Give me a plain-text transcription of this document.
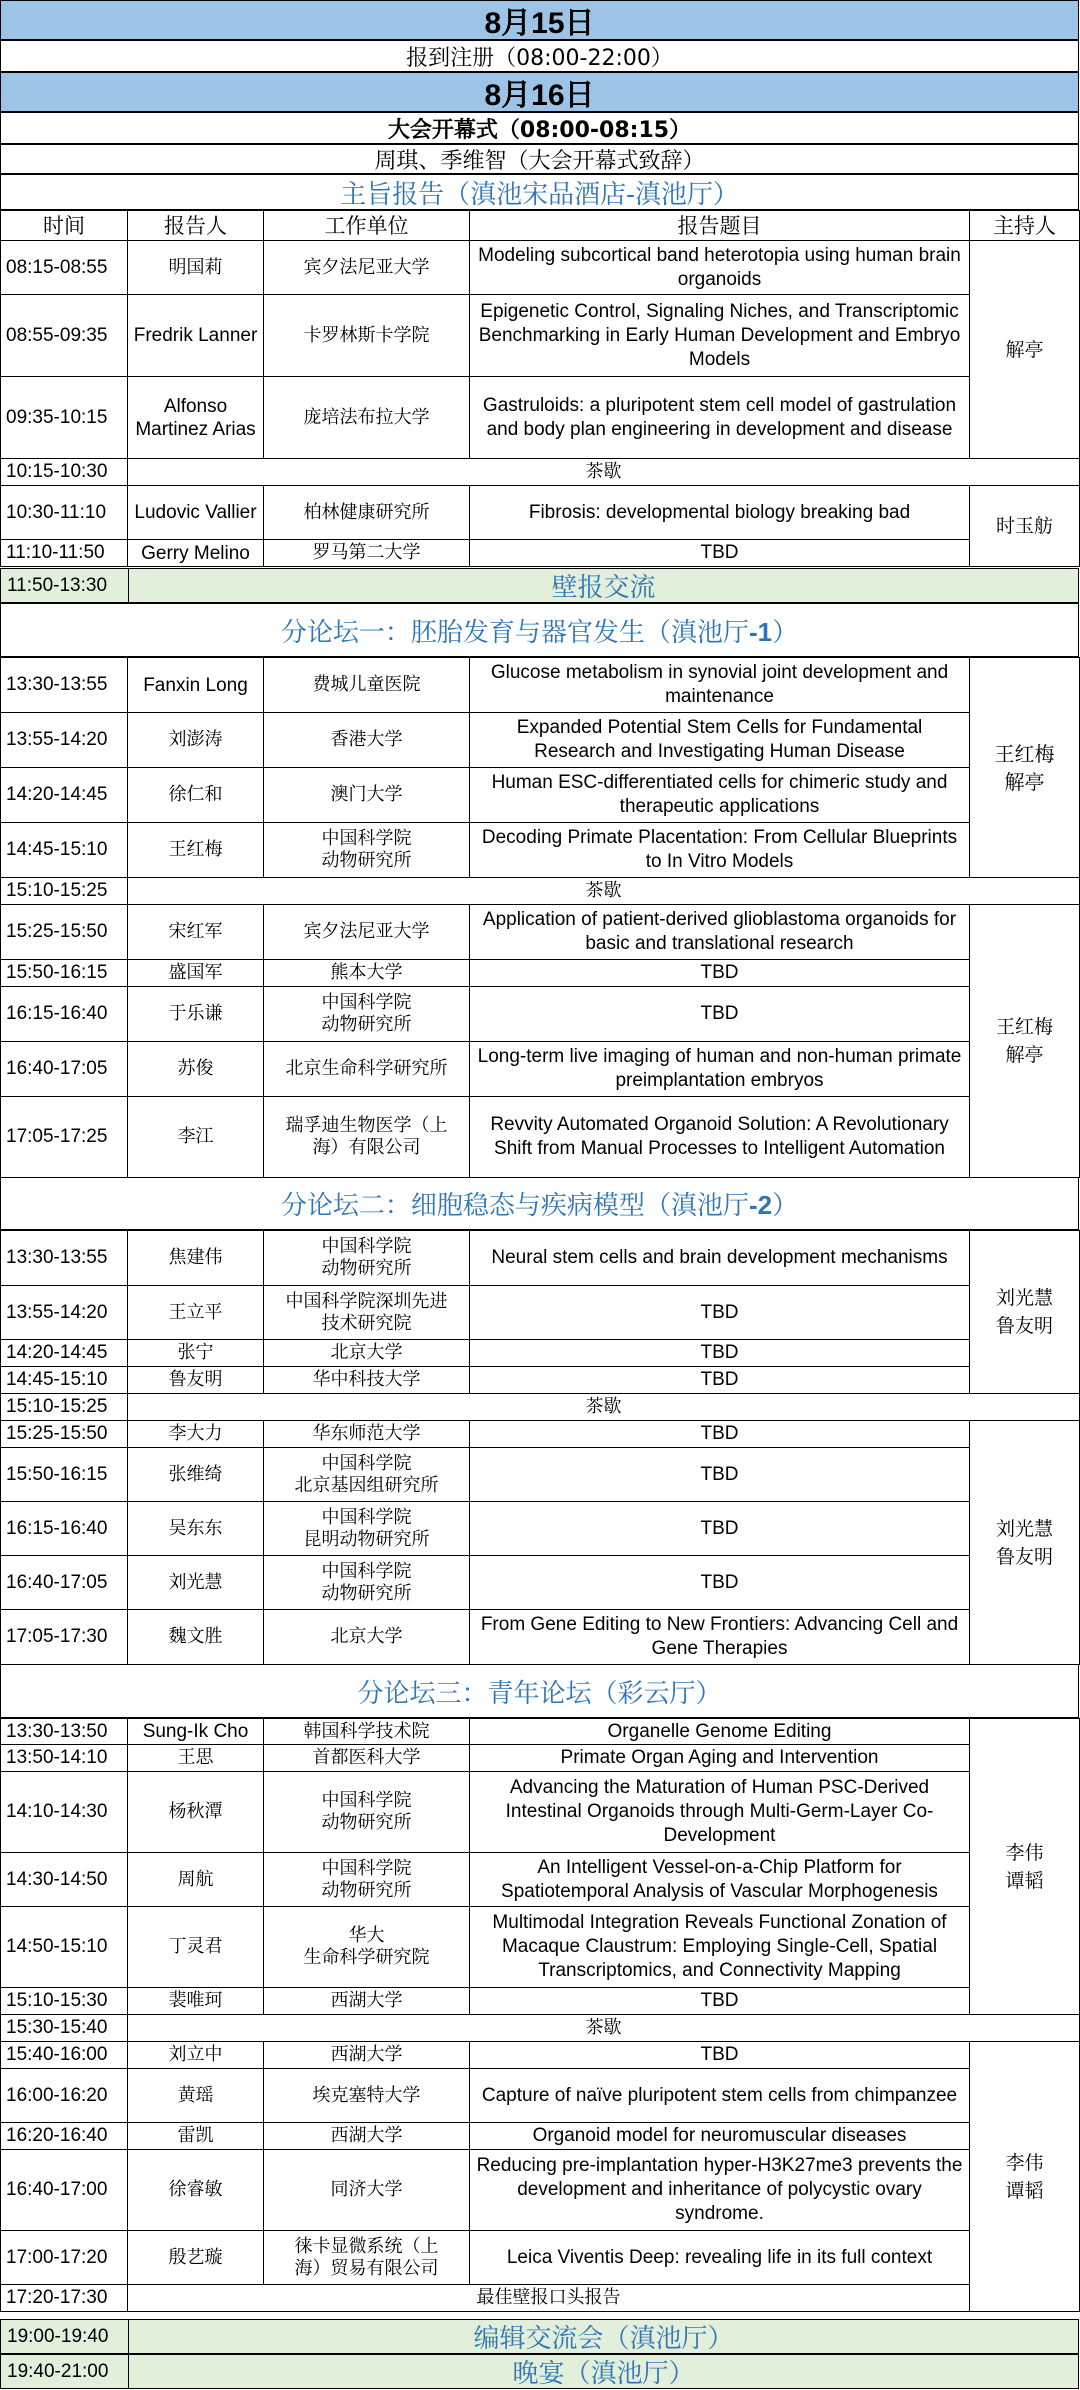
8月15日
报到注册（08:00-22:00）
8月16日
大会开幕式（08:00-08:15）
周琪、季维智（大会开幕式致辞）
主旨报告（滇池宋品酒店-滇池厅）
时间	报告人	工作单位	报告题目	主持人
08:15-08:55	明国莉	宾夕法尼亚大学	Modeling subcortical band heterotopia using human brain organoids	解亭
08:55-09:35	Fredrik Lanner	卡罗林斯卡学院	Epigenetic Control, Signaling Niches, and Transcriptomic Benchmarking in Early Human Development and Embryo Models	
09:35-10:15	Alfonso Martinez Arias	庞培法布拉大学	Gastruloids: a pluripotent stem cell model of gastrulation and body plan engineering in development and disease	
10:15-10:30	茶歇			
10:30-11:10	Ludovic Vallier	柏林健康研究所	Fibrosis: developmental biology breaking bad	时玉舫
11:10-11:50	Gerry Melino	罗马第二大学	TBD	
11:50-13:30	壁报交流
分论坛一：胚胎发育与器官发生（滇池厅-1）
13:30-13:55	Fanxin Long	费城儿童医院	Glucose metabolism in synovial joint development and maintenance	王红梅
解亭
13:55-14:20	刘澎涛	香港大学	Expanded Potential Stem Cells for Fundamental Research and Investigating Human Disease	
14:20-14:45	徐仁和	澳门大学	Human ESC-differentiated cells for chimeric study and therapeutic applications	
14:45-15:10	王红梅	中国科学院
动物研究所	Decoding Primate Placentation: From Cellular Blueprints to In Vitro Models	
15:10-15:25	茶歇			
15:25-15:50	宋红军	宾夕法尼亚大学	Application of patient-derived glioblastoma organoids for basic and translational research	王红梅
解亭
15:50-16:15	盛国军	熊本大学	TBD	
16:15-16:40	于乐谦	中国科学院
动物研究所	TBD	
16:40-17:05	苏俊	北京生命科学研究所	Long-term live imaging of human and non-human primate preimplantation embryos	
17:05-17:25	李江	瑞孚迪生物医学（上
海）有限公司	Revvity Automated Organoid Solution: A Revolutionary Shift from Manual Processes to Intelligent Automation	
分论坛二：细胞稳态与疾病模型（滇池厅-2）
13:30-13:55	焦建伟	中国科学院
动物研究所	Neural stem cells and brain development mechanisms	刘光慧
鲁友明
13:55-14:20	王立平	中国科学院深圳先进
技术研究院	TBD	
14:20-14:45	张宁	北京大学	TBD	
14:45-15:10	鲁友明	华中科技大学	TBD	
15:10-15:25	茶歇			
15:25-15:50	李大力	华东师范大学	TBD	刘光慧
鲁友明
15:50-16:15	张维绮	中国科学院
北京基因组研究所	TBD	
16:15-16:40	吴东东	中国科学院
昆明动物研究所	TBD	
16:40-17:05	刘光慧	中国科学院
动物研究所	TBD	
17:05-17:30	魏文胜	北京大学	From Gene Editing to New Frontiers: Advancing Cell and Gene Therapies	
分论坛三：青年论坛（彩云厅）
13:30-13:50	Sung-Ik Cho	韩国科学技术院	Organelle Genome Editing	李伟
谭韬
13:50-14:10	王思	首都医科大学	Primate Organ Aging and Intervention	
14:10-14:30	杨秋潭	中国科学院
动物研究所	Advancing the Maturation of Human PSC-Derived Intestinal Organoids through Multi-Germ-Layer Co-Development	
14:30-14:50	周航	中国科学院
动物研究所	An Intelligent Vessel-on-a-Chip Platform for Spatiotemporal Analysis of Vascular Morphogenesis	
14:50-15:10	丁灵君	华大
生命科学研究院	Multimodal Integration Reveals Functional Zonation of Macaque Claustrum: Employing Single-Cell, Spatial Transcriptomics, and Connectivity Mapping	
15:10-15:30	裴唯珂	西湖大学	TBD	
15:30-15:40	茶歇			
15:40-16:00	刘立中	西湖大学	TBD	李伟
谭韬
16:00-16:20	黄瑶	埃克塞特大学	Capture of naïve pluripotent stem cells from chimpanzee	
16:20-16:40	雷凯	西湖大学	Organoid model for neuromuscular diseases	
16:40-17:00	徐睿敏	同济大学	Reducing pre-implantation hyper-H3K27me3 prevents the development and inheritance of polycystic ovary syndrome.	
17:00-17:20	殷艺璇	徕卡显微系统（上
海）贸易有限公司	Leica Viventis Deep: revealing life in its full context	
17:20-17:30	最佳壁报口头报告			
19:00-19:40	编辑交流会（滇池厅）
19:40-21:00	晚宴（滇池厅）
